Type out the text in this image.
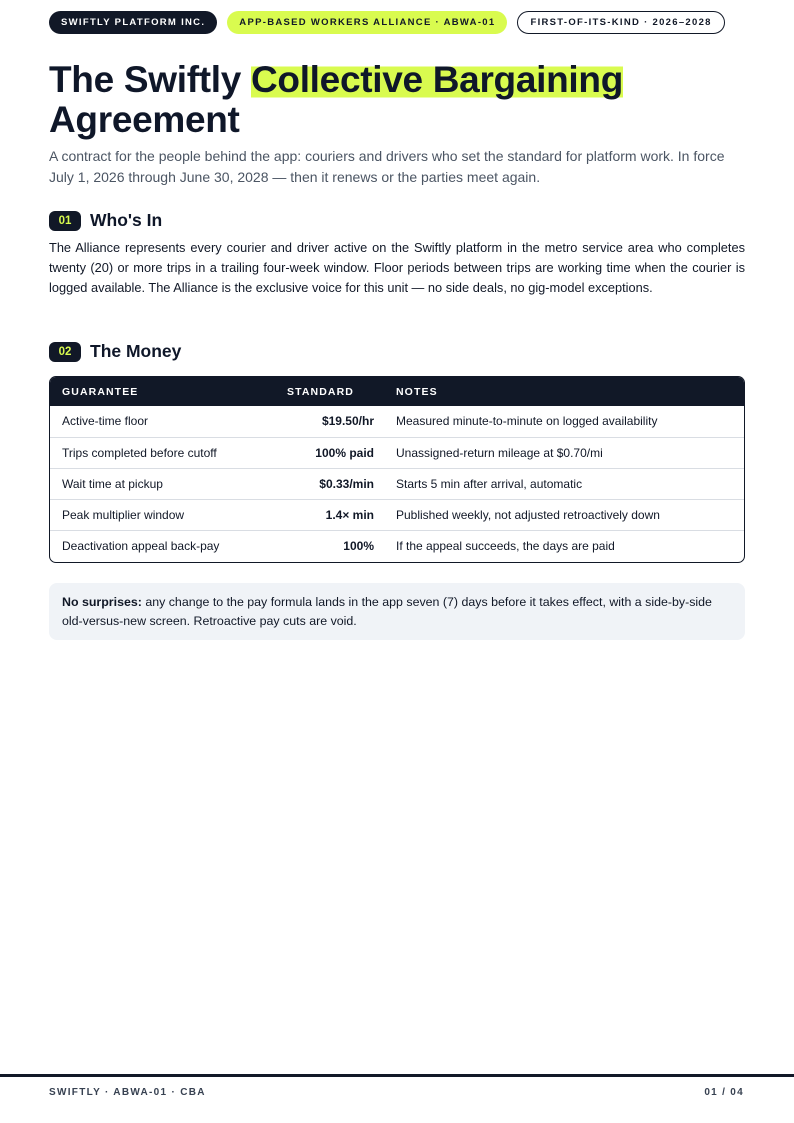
SWIFTLY PLATFORM INC.	APP-BASED WORKERS ALLIANCE · ABWA-01	FIRST-OF-ITS-KIND · 2026–2028
The Swiftly Collective Bargaining
Agreement

A contract for the people behind the app: couriers and drivers who set the standard for platform work. In force July 1, 2026 through June 30, 2028 — then it renews or the parties meet again.

01	Who's In

The Alliance represents every courier and driver active on the Swiftly platform in the metro service area who completes twenty (20) or more trips in a trailing four-week window. Floor periods between trips are working time when the courier is logged available. The Alliance is the exclusive voice for this unit — no side deals, no gig-model exceptions.

02	The Money
GUARANTEE	STANDARD	NOTES
Active-time floor	$19.50/hr	Measured minute-to-minute on logged availability
Trips completed before cutoff	100% paid	Unassigned-return mileage at $0.70/mi
Wait time at pickup	$0.33/min	Starts 5 min after arrival, automatic
Peak multiplier window	1.4× min	Published weekly, not adjusted retroactively down
Deactivation appeal back-pay	100%	If the appeal succeeds, the days are paid
No surprises: any change to the pay formula lands in the app seven (7) days before it takes effect, with a side-by-side old-versus-new screen. Retroactive pay cuts are void.
SWIFTLY · ABWA-01 · CBA	01 / 04
